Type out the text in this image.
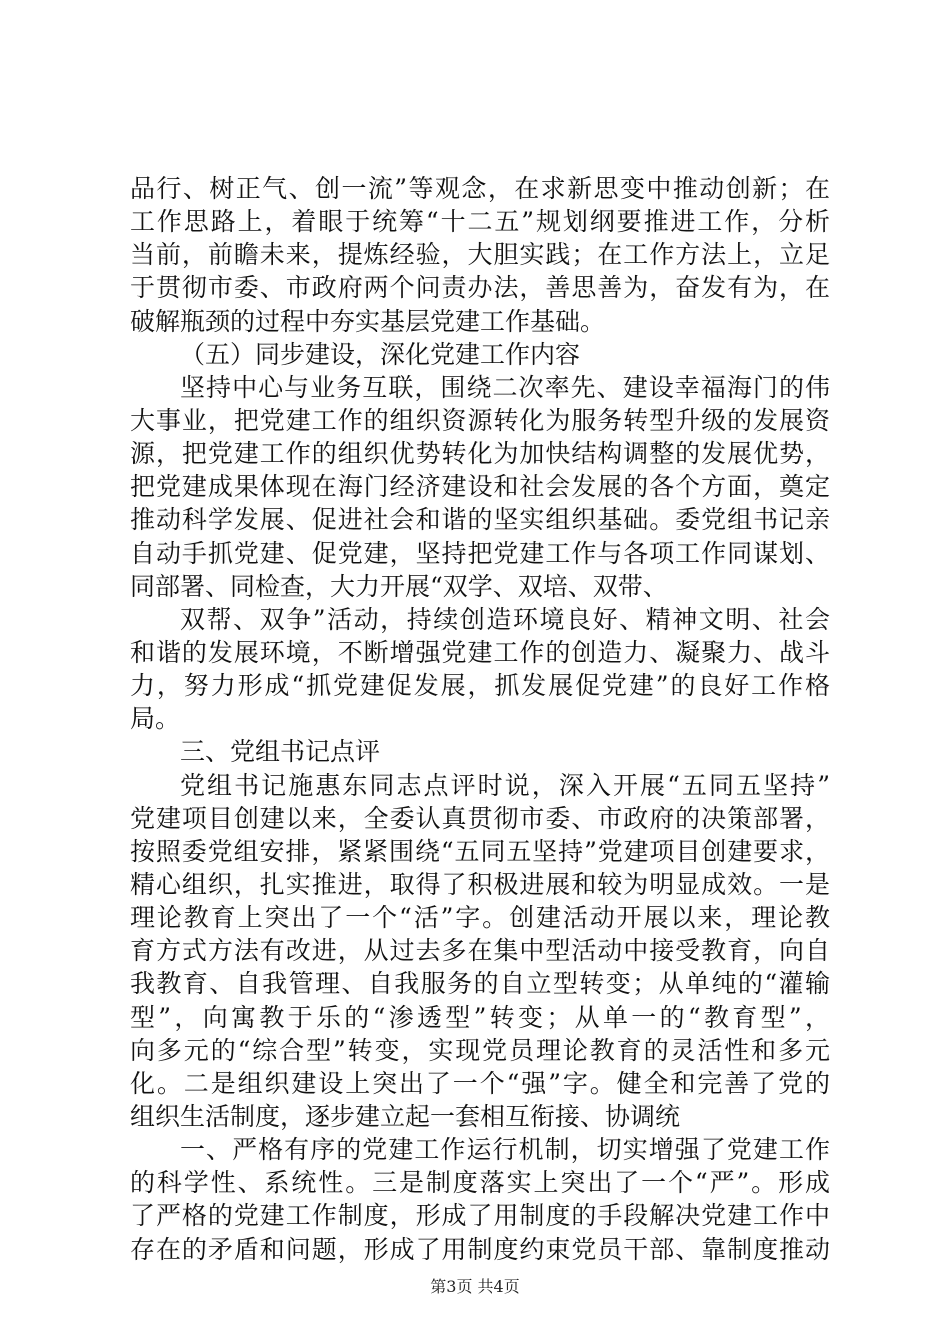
品行、树正气、创一流”等观念，在求新思变中推动创新；在
工作思路上，着眼于统筹“十二五”规划纲要推进工作，分析
当前，前瞻未来，提炼经验，大胆实践；在工作方法上，立足
于贯彻市委、市政府两个问责办法，善思善为，奋发有为，在
破解瓶颈的过程中夯实基层党建工作基础。
（五）同步建设，深化党建工作内容
坚持中心与业务互联，围绕二次率先、建设幸福海门的伟
大事业，把党建工作的组织资源转化为服务转型升级的发展资
源，把党建工作的组织优势转化为加快结构调整的发展优势，
把党建成果体现在海门经济建设和社会发展的各个方面，奠定
推动科学发展、促进社会和谐的坚实组织基础。委党组书记亲
自动手抓党建、促党建，坚持把党建工作与各项工作同谋划、
同部署、同检查，大力开展“双学、双培、双带、
双帮、双争”活动，持续创造环境良好、精神文明、社会
和谐的发展环境，不断增强党建工作的创造力、凝聚力、战斗
力，努力形成“抓党建促发展，抓发展促党建”的良好工作格
局。
三、党组书记点评
党组书记施惠东同志点评时说，深入开展“五同五坚持”
党建项目创建以来，全委认真贯彻市委、市政府的决策部署，
按照委党组安排，紧紧围绕“五同五坚持”党建项目创建要求，
精心组织，扎实推进，取得了积极进展和较为明显成效。一是
理论教育上突出了一个“活”字。创建活动开展以来，理论教
育方式方法有改进，从过去多在集中型活动中接受教育，向自
我教育、自我管理、自我服务的自立型转变；从单纯的“灌输
型”，向寓教于乐的“渗透型”转变；从单一的“教育型”，
向多元的“综合型”转变，实现党员理论教育的灵活性和多元
化。二是组织建设上突出了一个“强”字。健全和完善了党的
组织生活制度，逐步建立起一套相互衔接、协调统
一、严格有序的党建工作运行机制，切实增强了党建工作
的科学性、系统性。三是制度落实上突出了一个“严”。形成
了严格的党建工作制度，形成了用制度的手段解决党建工作中
存在的矛盾和问题，形成了用制度约束党员干部、靠制度推动
第3页 共4页
